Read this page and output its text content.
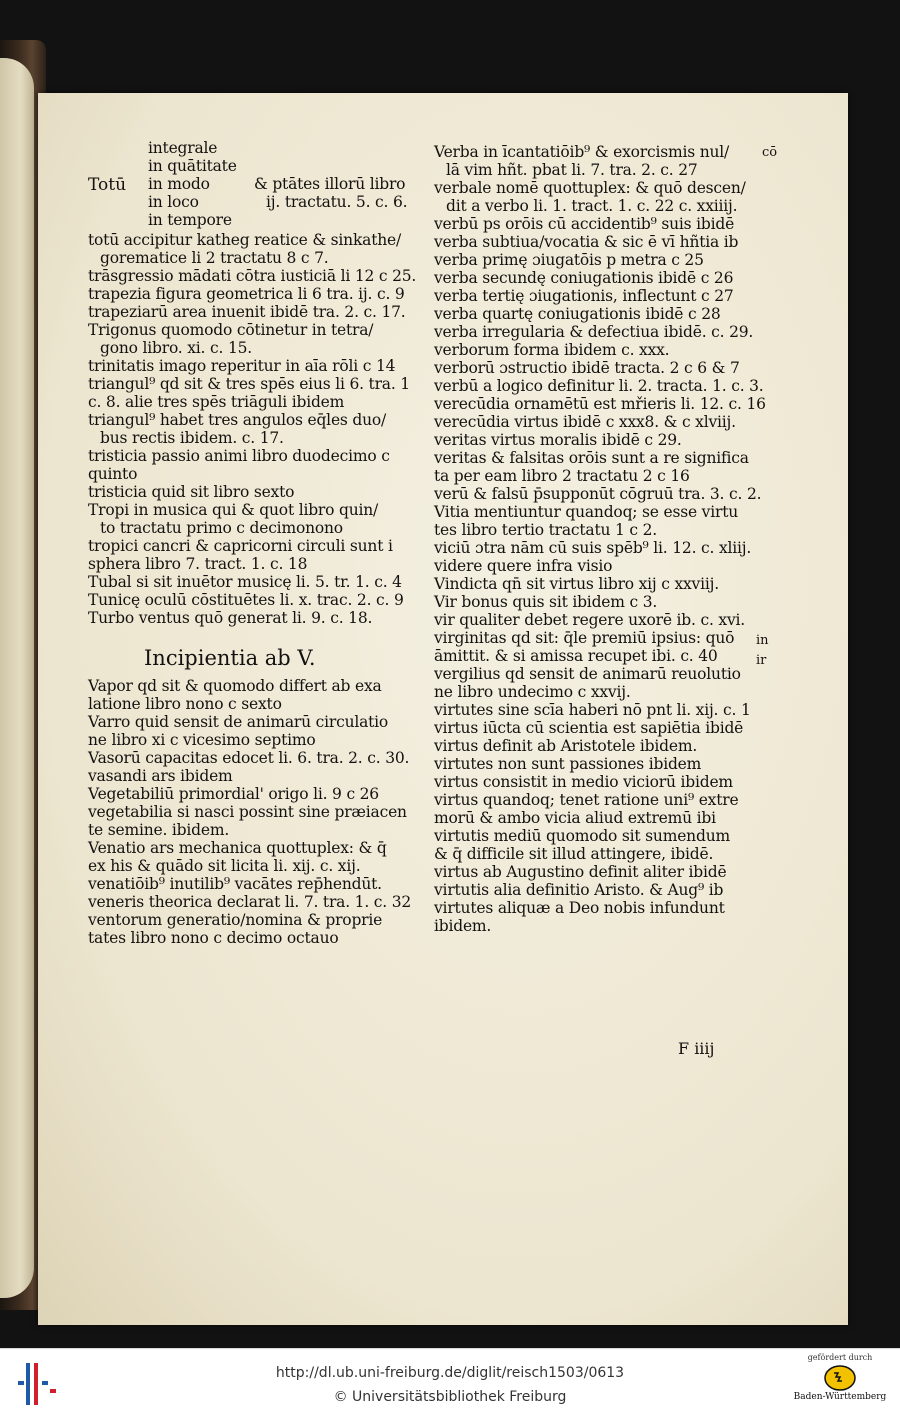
integrale
in quātitate
in modo
Totū
in loco
in tempore
& ptātes illorū libro
ij. tractatu. 5. c. 6.
totū accipitur katheg reatice & sinkathe/
gorematice li 2 tractatu 8 c 7.
trāsgressio mādati cōtra iusticiā li 12 c 25.
trapezia figura geometrica li 6 tra. ij. c. 9
trapeziarū area inuenit ibidē tra. 2. c. 17.
Trigonus quomodo cōtinetur in tetra/
gono libro. xi. c. 15.
trinitatis imago reperitur in aīa rōli c 14
triangul⁹ qd sit & tres spēs eius li 6. tra. 1
c. 8. alie tres spēs triāguli ibidem
triangul⁹ habet tres angulos eq̄les duo/
bus rectis ibidem. c. 17.
tristicia passio animi libro duodecimo c
quinto
tristicia quid sit libro sexto
Tropi in musica qui & quot libro quin/
to tractatu primo c decimonono
tropici cancri & capricorni circuli sunt i
sphera libro 7. tract. 1. c. 18
Tubal si sit inuētor musicę li. 5. tr. 1. c. 4
Tunicę oculū cōstituētes li. x. trac. 2. c. 9
Turbo ventus quō generat li. 9. c. 18.
Incipientia ab V.
Vapor qd sit & quomodo differt ab exa
latione libro nono c sexto
Varro quid sensit de animarū circulatio
ne libro xi c vicesimo septimo
Vasorū capacitas edocet li. 6. tra. 2. c. 30.
vasandi ars ibidem
Vegetabiliū primordial' origo li. 9 c 26
vegetabilia si nasci possint sine præiacen
te semine. ibidem.
Venatio ars mechanica quottuplex: & q̄
ex his & quādo sit licita li. xij. c. xij.
venatiōib⁹ inutilib⁹ vacātes rep̄hendūt.
veneris theorica declarat li. 7. tra. 1. c. 32
ventorum generatio/nomina & proprie
tates libro nono c decimo octauo
Verba in īcantatiōib⁹ & exorcismis nul/
lā vim hñt. pbat li. 7. tra. 2. c. 27
verbale nomē quottuplex: & quō descen/
dit a verbo li. 1. tract. 1. c. 22 c. xxiiij.
verbū ps orōis cū accidentib⁹ suis ibidē
verba subtiua/vocatia & sic ē vī hñtia ib
verba primę ɔiugatōis p metra c 25
verba secundę coniugationis ibidē c 26
verba tertię ɔiugationis, inflectunt c 27
verba quartę coniugationis ibidē c 28
verba irregularia & defectiua ibidē. c. 29.
verborum forma ibidem c. xxx.
verborū ɔstructio ibidē tracta. 2 c 6 & 7
verbū a logico definitur li. 2. tracta. 1. c. 3.
verecūdia ornamētū est mřieris li. 12. c. 16
verecūdia virtus ibidē c xxx8. & c xlviij.
veritas virtus moralis ibidē c 29.
veritas & falsitas orōis sunt a re significa
ta per eam libro 2 tractatu 2 c 16
verū & falsū p̄supponūt cōgruū tra. 3. c. 2.
Vitia mentiuntur quandoq; se esse virtu
tes libro tertio tractatu 1 c 2.
viciū ɔtra nām cū suis spēb⁹ li. 12. c. xliij.
videre quere infra visio
Vindicta qn̄ sit virtus libro xij c xxviij.
Vir bonus quis sit ibidem c 3.
vir qualiter debet regere uxorē ib. c. xvi.
virginitas qd sit: q̄le premiū ipsius: quō
āmittit. & si amissa recupet ibi. c. 40
vergilius qd sensit de animarū reuolutio
ne libro undecimo c xxvij.
virtutes sine scīa haberi nō pnt li. xij. c. 1
virtus iūcta cū scientia est sapiētia ibidē
virtus definit ab Aristotele ibidem.
virtutes non sunt passiones ibidem
virtus consistit in medio viciorū ibidem
virtus quandoq; tenet ratione uni⁹ extre
morū & ambo vicia aliud extremū ibi
virtutis mediū quomodo sit sumendum
& q̄ difficile sit illud attingere, ibidē.
virtus ab Augustino definit aliter ibidē
virtutis alia definitio Aristo. & Aug⁹ ib
virtutes aliquæ a Deo nobis infundunt
ibidem.
cō
in
ir
F iiij
http://dl.ub.uni-freiburg.de/diglit/reisch1503/0613
© Universitätsbibliothek Freiburg
gefördert durch
Baden-Württemberg
